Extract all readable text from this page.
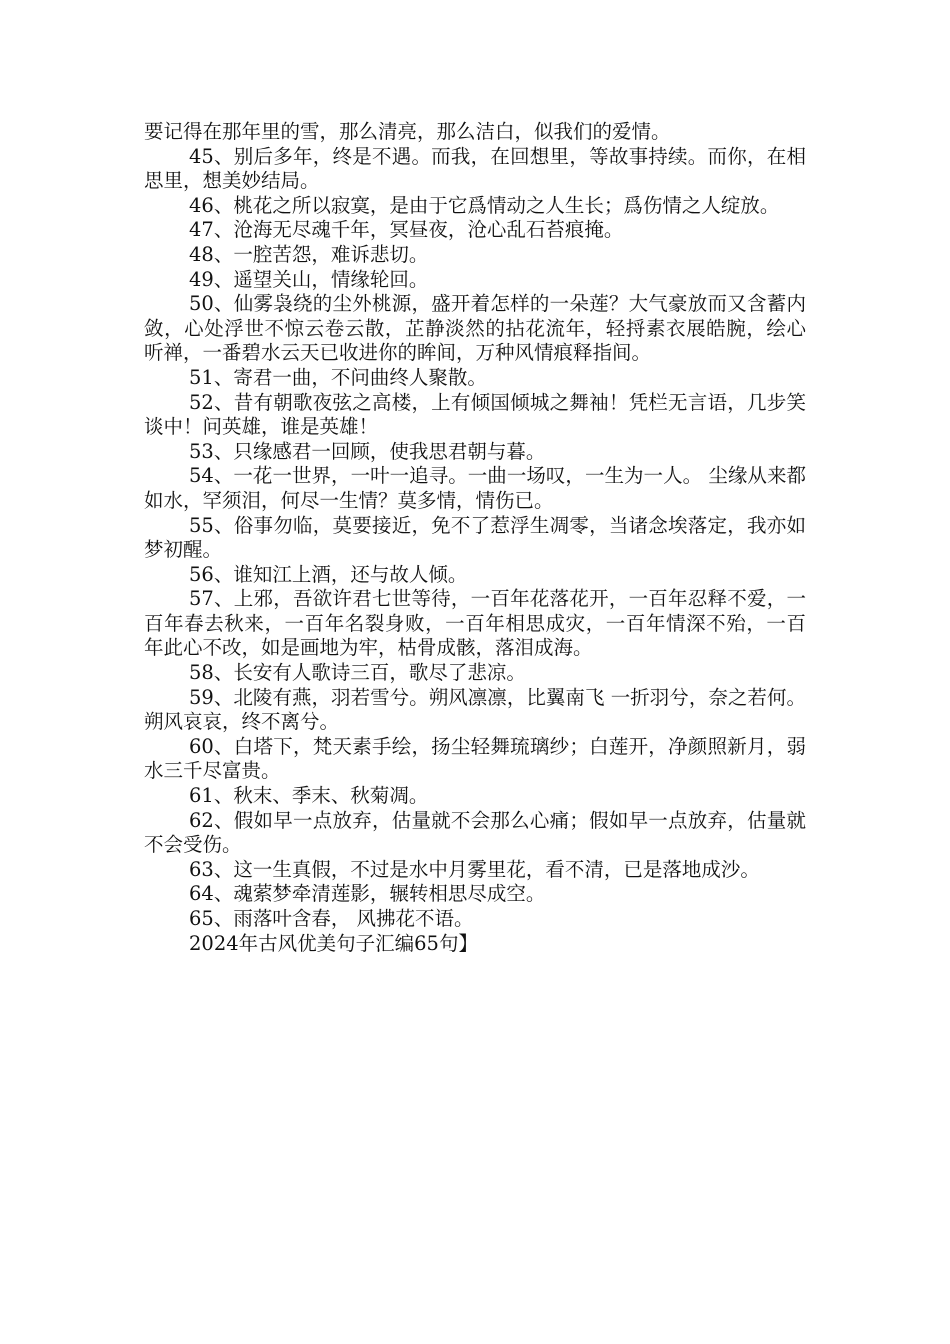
要记得在那年里的雪，那么清亮，那么洁白，似我们的爱情。

45、别后多年，终是不遇。而我，在回想里，等故事持续。而你，在相思里，想美妙结局。

46、桃花之所以寂寞，是由于它爲情动之人生长；爲伤情之人绽放。

47、沧海无尽魂千年，冥昼夜，沧心乱石苔痕掩。

48、一腔苦怨，难诉悲切。

49、遥望关山，情缘轮回。

50、仙雾袅绕的尘外桃源，盛开着怎样的一朵莲？大气豪放而又含蓄内敛，心处浮世不惊云卷云散，芷静淡然的拈花流年，轻捋素衣展皓腕，绘心听禅，一番碧水云天已收进你的眸间，万种风情痕释指间。

51、寄君一曲，不问曲终人聚散。

52、昔有朝歌夜弦之高楼，上有倾国倾城之舞袖！凭栏无言语，几步笑谈中！问英雄，谁是英雄！

53、只缘感君一回顾，使我思君朝与暮。

54、一花一世界，一叶一追寻。一曲一场叹，一生为一人。 尘缘从来都如水，罕须泪，何尽一生情？莫多情，情伤已。

55、俗事勿临，莫要接近，免不了惹浮生凋零，当诸念埃落定，我亦如梦初醒。

56、谁知江上酒，还与故人倾。

57、上邪，吾欲许君七世等待，一百年花落花开，一百年忍释不爱，一百年春去秋来，一百年名裂身败，一百年相思成灾，一百年情深不殆，一百年此心不改，如是画地为牢，枯骨成骸，落泪成海。

58、长安有人歌诗三百，歌尽了悲凉。

59、北陵有燕，羽若雪兮。朔风凛凛，比翼南飞 一折羽兮，奈之若何。朔风哀哀，终不离兮。

60、白塔下，梵天素手绘，扬尘轻舞琉璃纱；白莲开，净颜照新月，弱水三千尽富贵。

61、秋末、季末、秋菊凋。

62、假如早一点放弃，估量就不会那么心痛；假如早一点放弃，估量就不会受伤。

63、这一生真假，不过是水中月雾里花，看不清，已是落地成沙。

64、魂萦梦牵清莲影，辗转相思尽成空。

65、雨落叶含春， 风拂花不语。

2024年古风优美句子汇编65句】
